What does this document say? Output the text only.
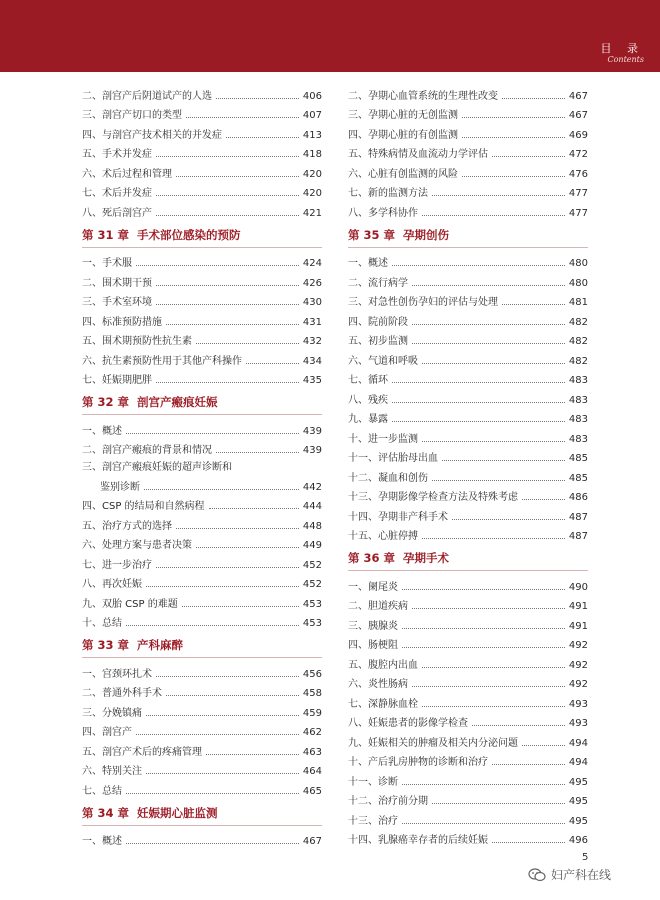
目 录
Contents
二、剖宫产后阴道试产的人选	406
三、剖宫产切口的类型	407
四、与剖宫产技术相关的并发症	413
五、手术并发症	418
六、术后过程和管理	420
七、术后并发症	420
八、死后剖宫产	421
第 31 章 手术部位感染的预防
一、手术服	424
二、围术期干预	426
三、手术室环境	430
四、标准预防措施	431
五、围术期预防性抗生素	432
六、抗生素预防性用于其他产科操作	434
七、妊娠期肥胖	435
第 32 章 剖宫产瘢痕妊娠
一、概述	439
二、剖宫产瘢痕的背景和情况	439
三、剖宫产瘢痕妊娠的超声诊断和
鉴别诊断	442
四、CSP 的结局和自然病程	444
五、治疗方式的选择	448
六、处理方案与患者决策	449
七、进一步治疗	452
八、再次妊娠	452
九、双胎 CSP 的难题	453
十、总结	453
第 33 章 产科麻醉
一、宫颈环扎术	456
二、普通外科手术	458
三、分娩镇痛	459
四、剖宫产	462
五、剖宫产术后的疼痛管理	463
六、特别关注	464
七、总结	465
第 34 章 妊娠期心脏监测
一、概述	467
二、孕期心血管系统的生理性改变	467
三、孕期心脏的无创监测	467
四、孕期心脏的有创监测	469
五、特殊病情及血流动力学评估	472
六、心脏有创监测的风险	476
七、新的监测方法	477
八、多学科协作	477
第 35 章 孕期创伤
一、概述	480
二、流行病学	480
三、对急性创伤孕妇的评估与处理	481
四、院前阶段	482
五、初步监测	482
六、气道和呼吸	482
七、循环	483
八、残疾	483
九、暴露	483
十、进一步监测	483
十一、评估胎母出血	485
十二、凝血和创伤	485
十三、孕期影像学检查方法及特殊考虑	486
十四、孕期非产科手术	487
十五、心脏停搏	487
第 36 章 孕期手术
一、阑尾炎	490
二、胆道疾病	491
三、胰腺炎	491
四、肠梗阻	492
五、腹腔内出血	492
六、炎性肠病	492
七、深静脉血栓	493
八、妊娠患者的影像学检查	493
九、妊娠相关的肿瘤及相关内分泌问题	494
十、产后乳房肿物的诊断和治疗	494
十一、诊断	495
十二、治疗前分期	495
十三、治疗	495
十四、乳腺癌幸存者的后续妊娠	496
5
妇产科在线
